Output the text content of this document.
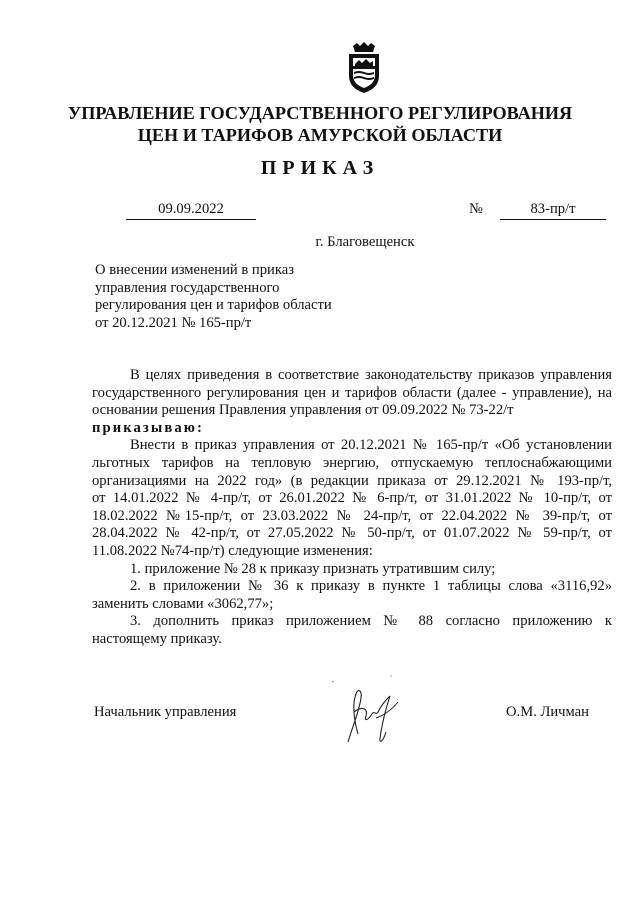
УПРАВЛЕНИЕ ГОСУДАРСТВЕННОГО РЕГУЛИРОВАНИЯ
ЦЕН И ТАРИФОВ АМУРСКОЙ ОБЛАСТИ
ПРИКАЗ
09.09.2022	№	83-пр/т
г. Благовещенск
О внесении изменений в приказ
управления государственного
регулирования цен и тарифов области
от 20.12.2021 № 165-пр/т
В целях приведения в соответствие законодательству приказов управления
государственного регулирования цен и тарифов области (далее - управление), на
основании решения Правления управления от 09.09.2022 № 73-22/т
приказываю:
Внести в приказ управления от 20.12.2021 № 165-пр/т «Об установлении
льготных тарифов на тепловую энергию, отпускаемую теплоснабжающими
организациями на 2022 год» (в редакции приказа от 29.12.2021 № 193-пр/т,
от 14.01.2022 № 4-пр/т, от 26.01.2022 № 6-пр/т, от 31.01.2022 № 10-пр/т, от
18.02.2022 №15-пр/т, от 23.03.2022 № 24-пр/т, от 22.04.2022 № 39-пр/т, от
28.04.2022 № 42-пр/т, от 27.05.2022 № 50-пр/т, от 01.07.2022 № 59-пр/т, от
11.08.2022 №74-пр/т) следующие изменения:
1. приложение № 28 к приказу признать утратившим силу;
2. в приложении № 36 к приказу в пункте 1 таблицы слова «3116,92»
заменить словами «3062,77»;
3. дополнить приказ приложением № 88 согласно приложению к
настоящему приказу.
Начальник управления	О.М. Личман
